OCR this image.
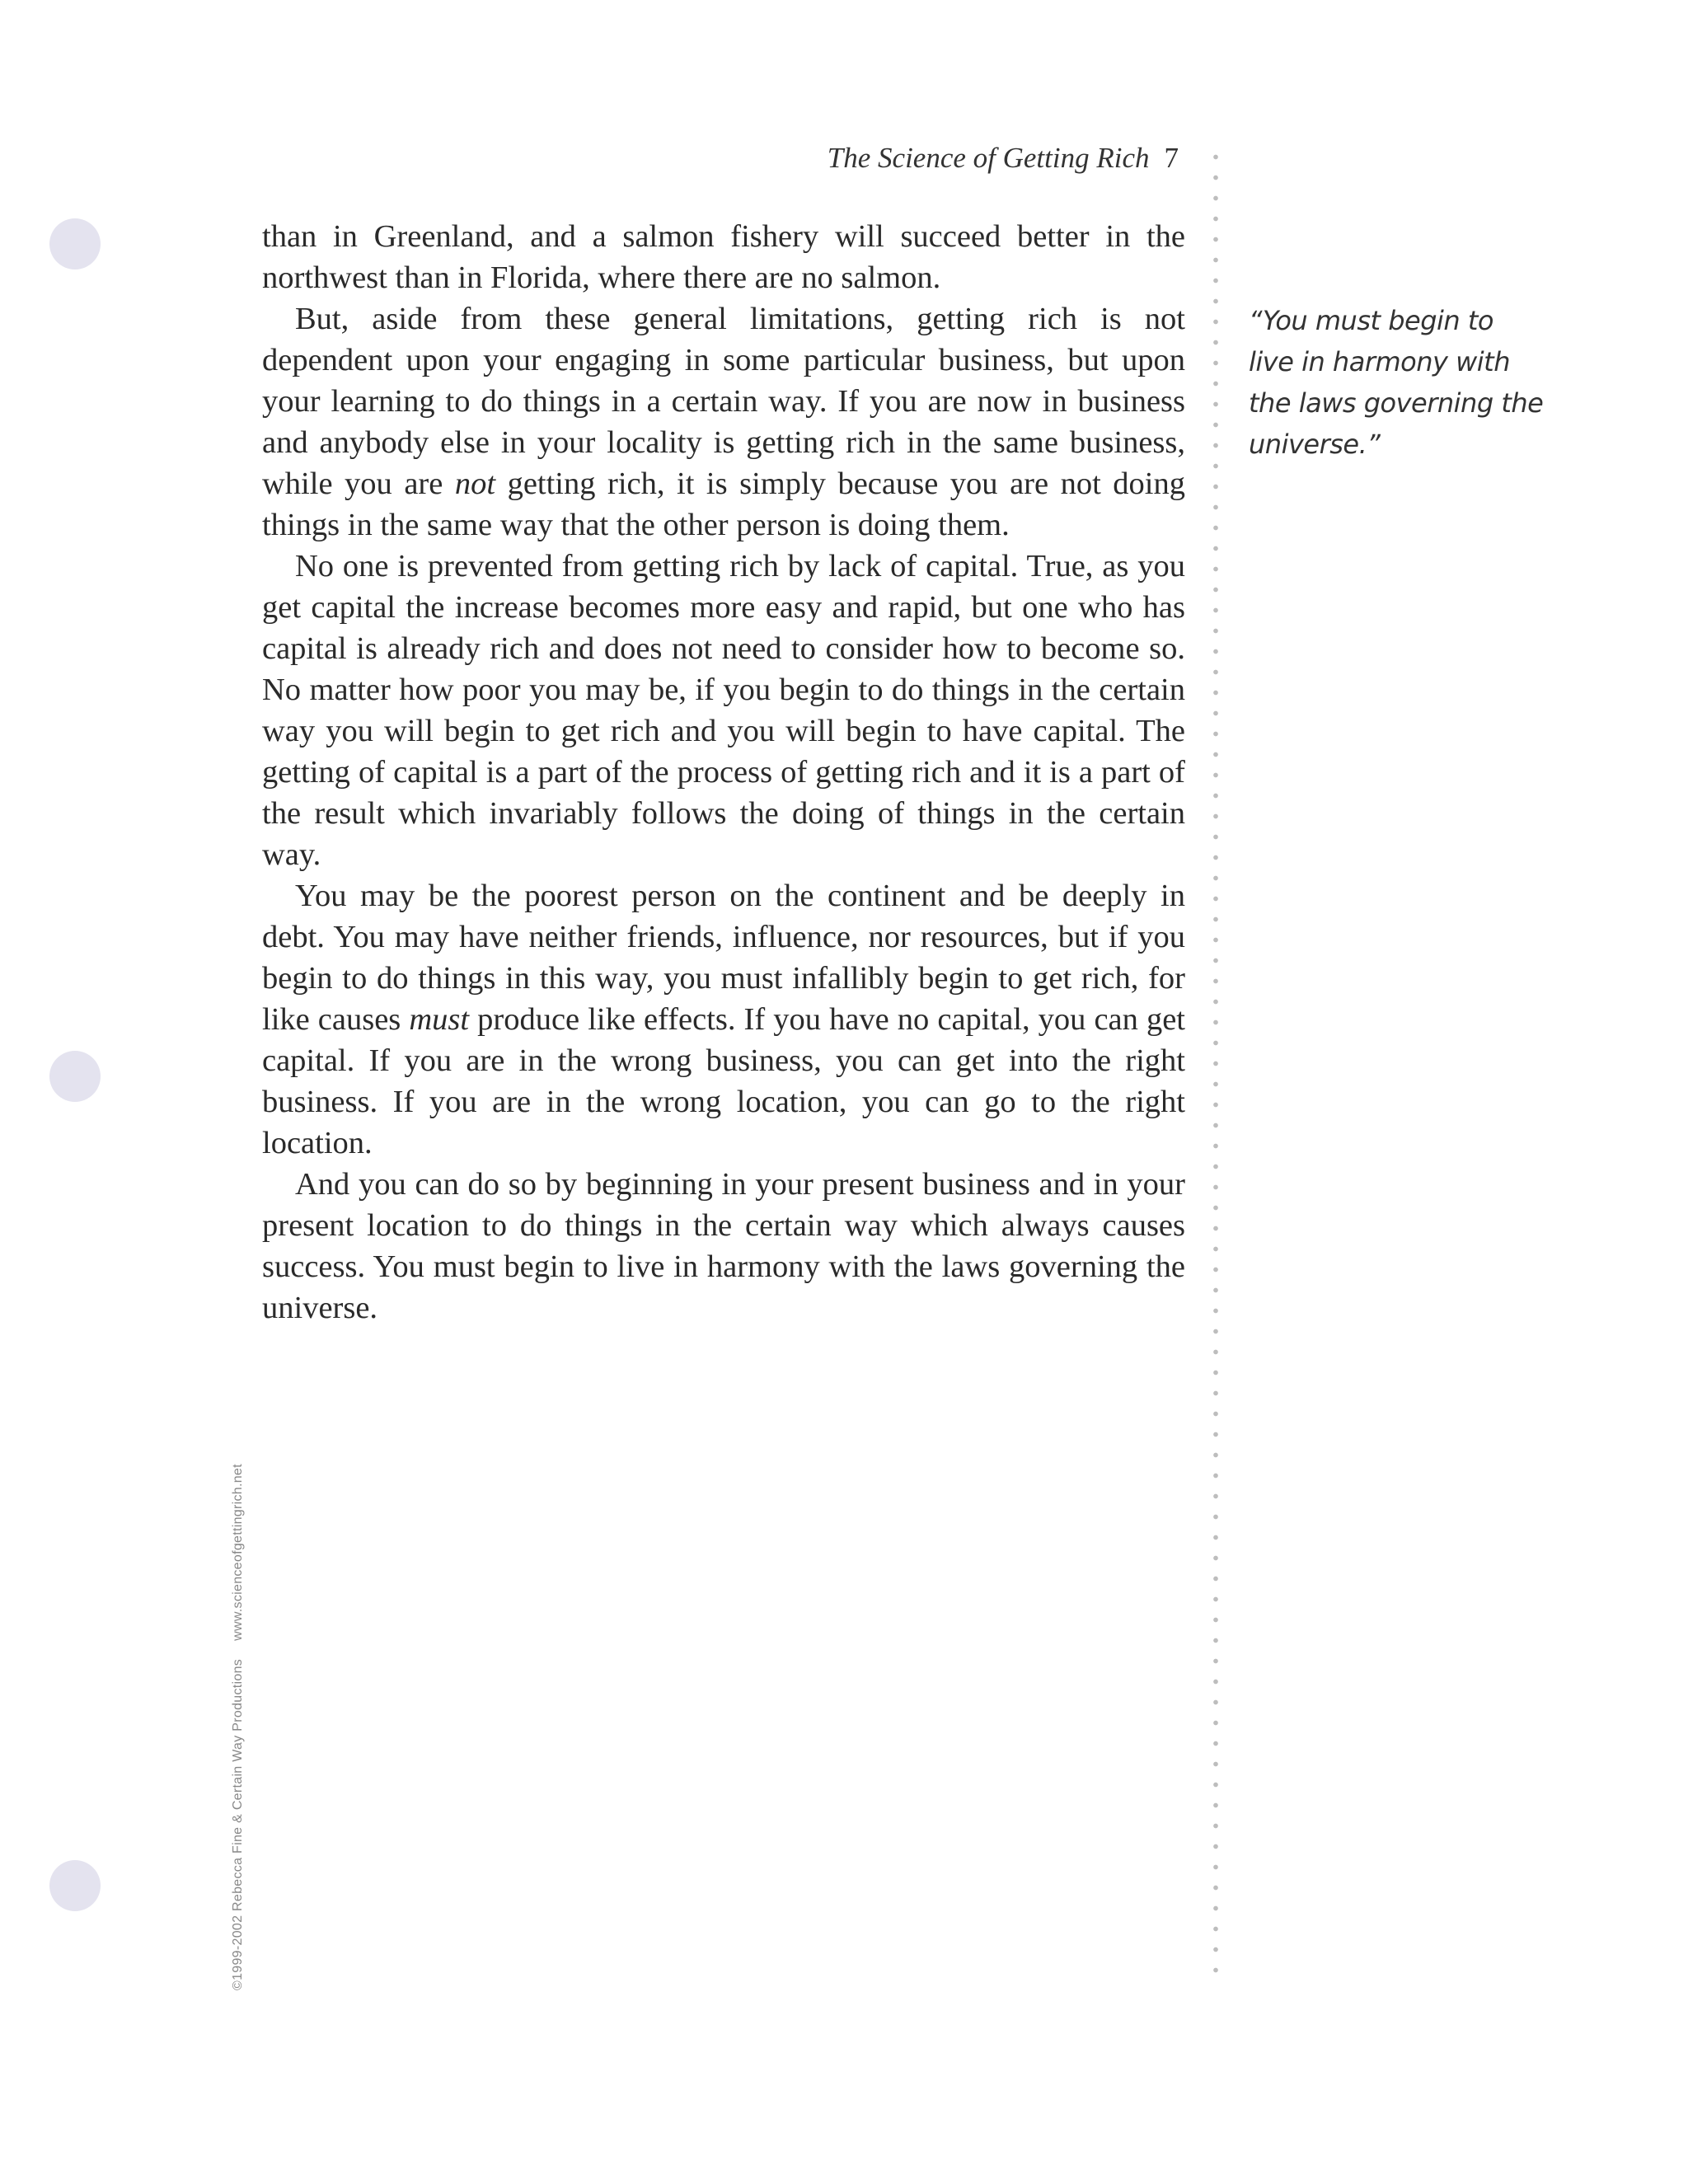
The Science of Getting Rich 7

than in Greenland, and a salmon fishery will succeed better in the northwest than in Florida, where there are no salmon.

But, aside from these general limitations, getting rich is not dependent upon your engaging in some particular business, but upon your learning to do things in a certain way. If you are now in business and anybody else in your locality is getting rich in the same business, while you are not getting rich, it is simply because you are not doing things in the same way that the other person is doing them.

No one is prevented from getting rich by lack of capital. True, as you get capital the increase becomes more easy and rapid, but one who has capital is already rich and does not need to consider how to become so. No matter how poor you may be, if you begin to do things in the certain way you will begin to get rich and you will begin to have capital. The getting of capital is a part of the process of getting rich and it is a part of the result which invariably follows the doing of things in the certain way.

You may be the poorest person on the continent and be deeply in debt. You may have neither friends, influence, nor resources, but if you begin to do things in this way, you must infallibly begin to get rich, for like causes must produce like effects. If you have no capital, you can get capital. If you are in the wrong business, you can get into the right business. If you are in the wrong location, you can go to the right location.

And you can do so by beginning in your present business and in your present location to do things in the certain way which always causes success. You must begin to live in harmony with the laws governing the universe.

“You must begin to live in harmony with the laws governing the universe.”
©1999-2002 Rebecca Fine & Certain Way Productionswww.scienceofgettingrich.net
